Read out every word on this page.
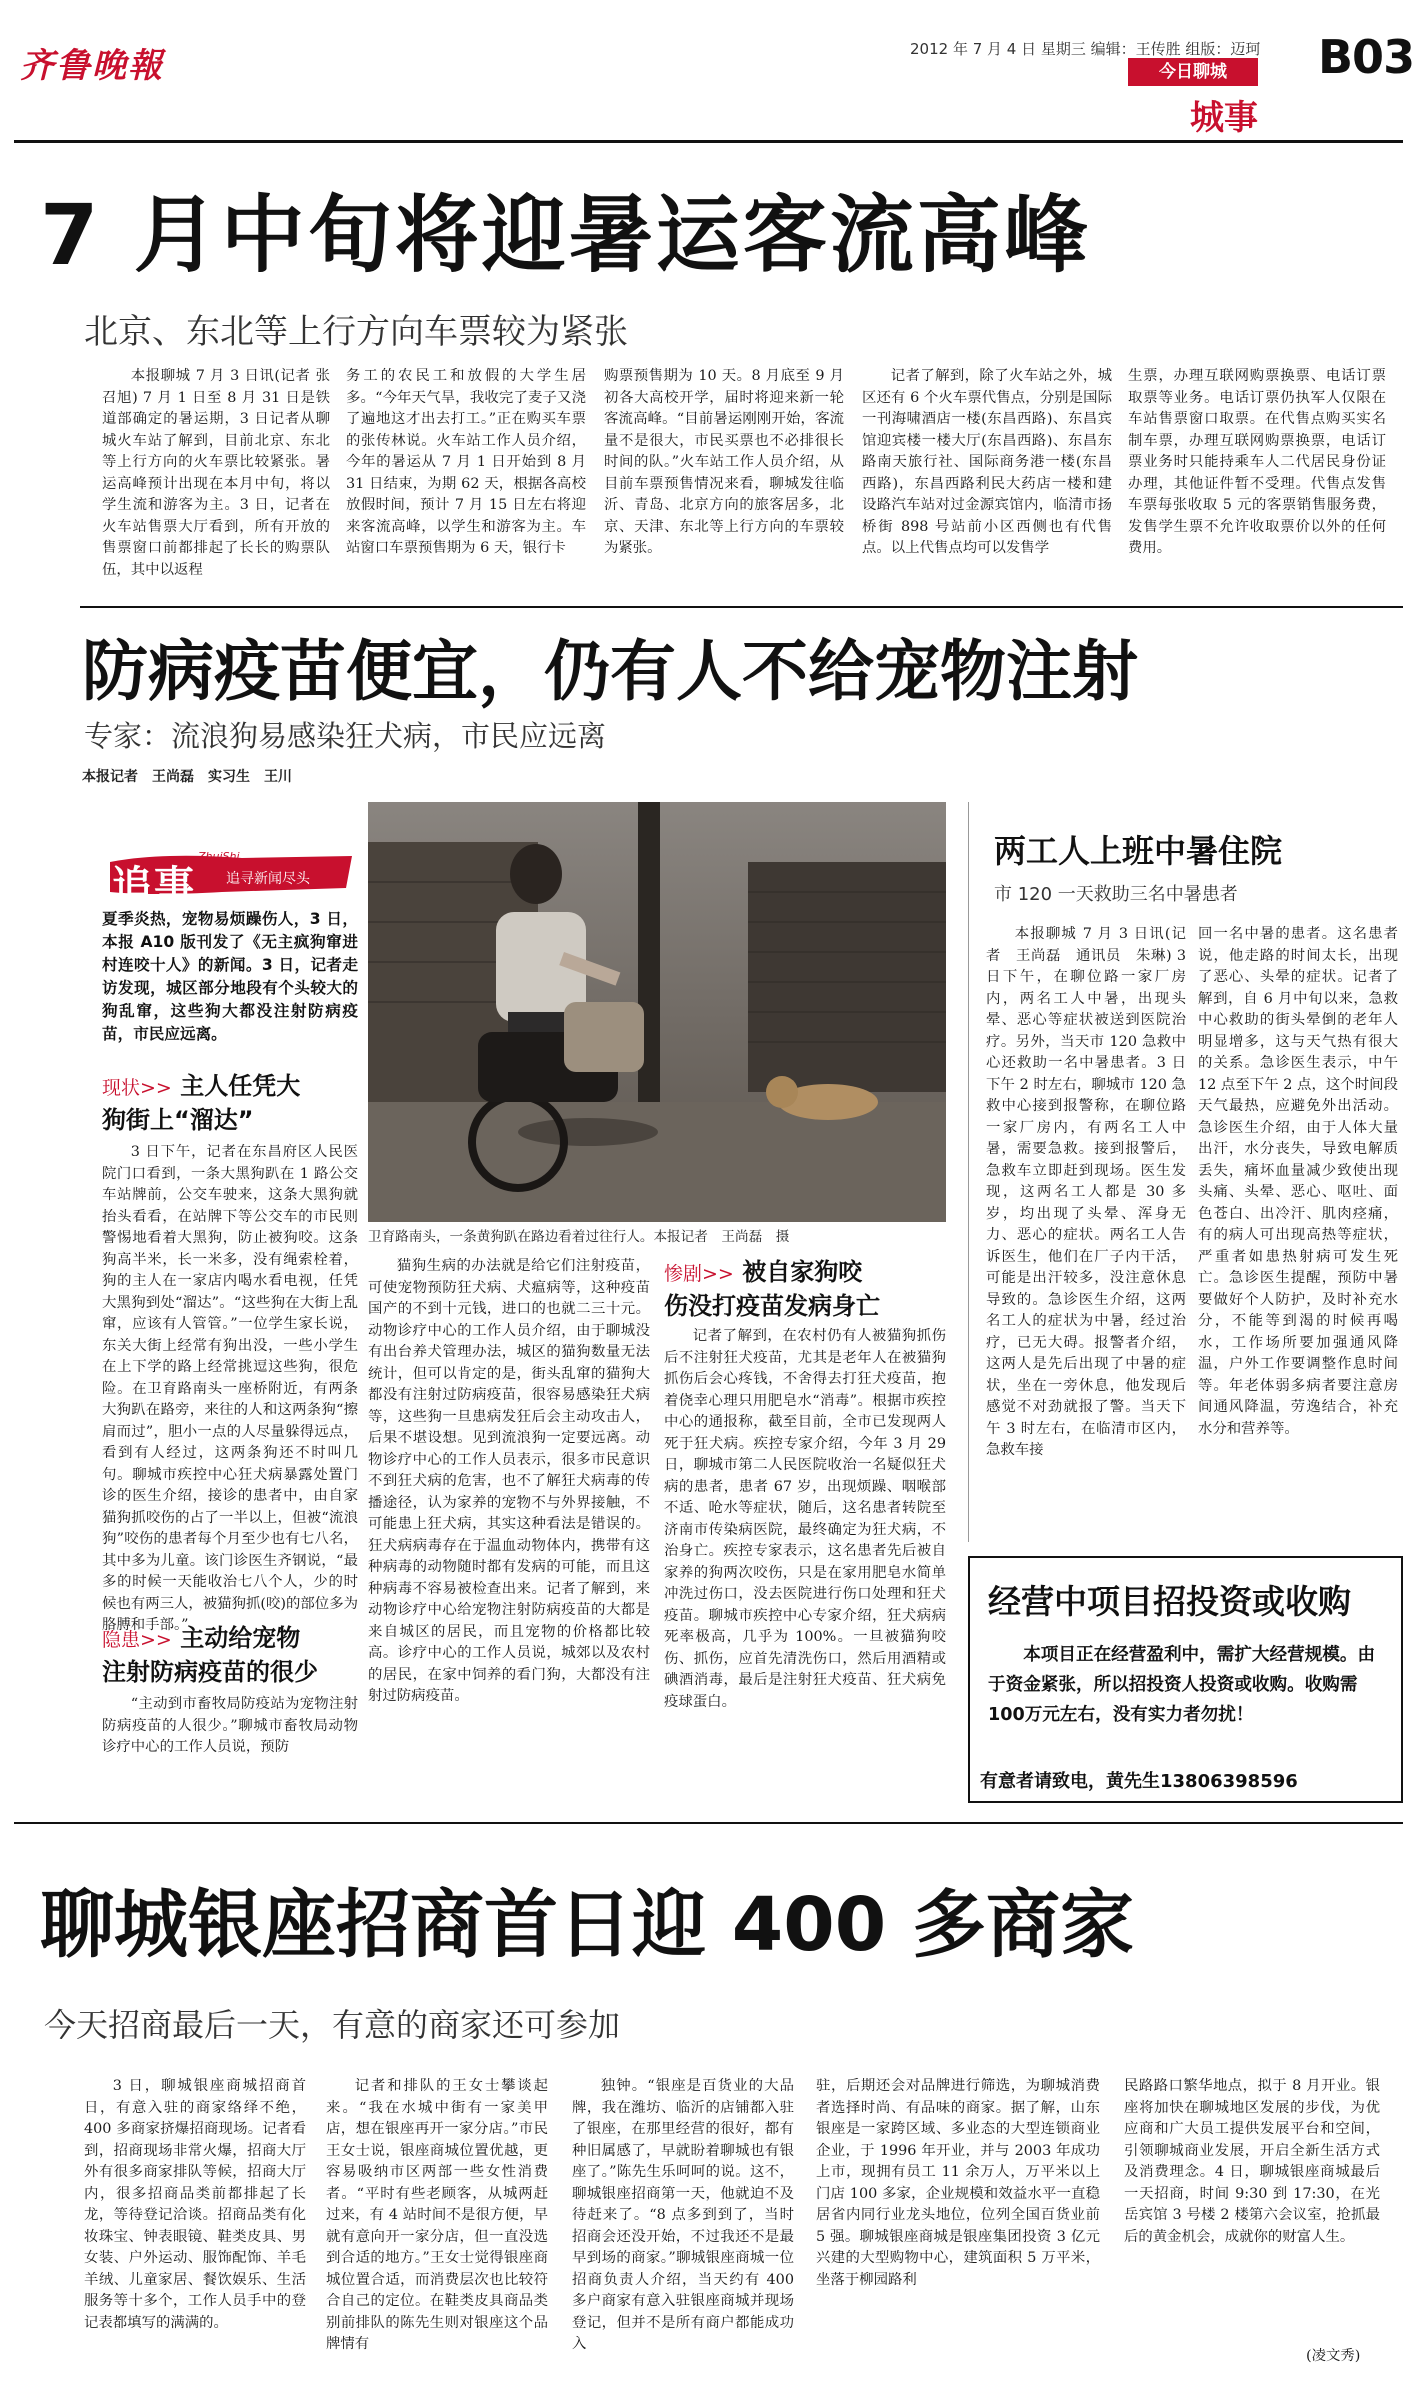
齐鲁晚報	2012 年 7 月 4 日 星期三 编辑：王传胜 组版：迈珂 B03
今日聊城
城事
7 月中旬将迎暑运客流高峰
北京、东北等上行方向车票较为紧张

本报聊城 7 月 3 日讯(记者 张召旭) 7 月 1 日至 8 月 31 日是铁道部确定的暑运期，3 日记者从聊城火车站了解到，目前北京、东北等上行方向的火车票比较紧张。暑运高峰预计出现在本月中旬，将以学生流和游客为主。3 日，记者在火车站售票大厅看到，所有开放的售票窗口前都排起了长长的购票队伍，其中以返程

务工的农民工和放假的大学生居多。“今年天气旱，我收完了麦子又浇了遍地这才出去打工。”正在购买车票的张传林说。火车站工作人员介绍，今年的暑运从 7 月 1 日开始到 8 月 31 日结束，为期 62 天，根据各高校放假时间，预计 7 月 15 日左右将迎来客流高峰，以学生和游客为主。车站窗口车票预售期为 6 天，银行卡

购票预售期为 10 天。8 月底至 9 月初各大高校开学，届时将迎来新一轮客流高峰。“目前暑运刚刚开始，客流量不是很大，市民买票也不必排很长时间的队。”火车站工作人员介绍，从目前车票预售情况来看，聊城发往临沂、青岛、北京方向的旅客居多，北京、天津、东北等上行方向的车票较为紧张。

记者了解到，除了火车站之外，城区还有 6 个火车票代售点，分别是国际一刊海啸酒店一楼(东昌西路)、东昌宾馆迎宾楼一楼大厅(东昌西路)、东昌东路南天旅行社、国际商务港一楼(东昌西路)，东昌西路利民大药店一楼和建设路汽车站对过金源宾馆内，临清市扬桥街 898 号站前小区西侧也有代售点。以上代售点均可以发售学

生票，办理互联网购票换票、电话订票取票等业务。电话订票仍执军人仅限在车站售票窗口取票。在代售点购买实名制车票，办理互联网购票换票，电话订票业务时只能持乘车人二代居民身份证办理，其他证件暂不受理。代售点发售车票每张收取 5 元的客票销售服务费，发售学生票不允许收取票价以外的任何费用。

防病疫苗便宜，仍有人不给宠物注射
专家：流浪狗易感染狂犬病，市民应远离
本报记者　王尚磊　实习生　王川
追事
ZhuiShi
追寻新闻尽头
夏季炎热，宠物易烦躁伤人，3 日，本报 A10 版刊发了《无主疯狗窜进村连咬十人》的新闻。3 日，记者走访发现，城区部分地段有个头较大的狗乱窜，这些狗大都没注射防病疫苗，市民应远离。
现状>> 主人任凭大
狗街上“溜达”

3 日下午，记者在东昌府区人民医院门口看到，一条大黑狗趴在 1 路公交车站牌前，公交车驶来，这条大黑狗就抬头看看，在站牌下等公交车的市民则警惕地看着大黑狗，防止被狗咬。这条狗高半米，长一米多，没有绳索栓着，狗的主人在一家店内喝水看电视，任凭大黑狗到处“溜达”。“这些狗在大街上乱窜，应该有人管管。”一位学生家长说，东关大街上经常有狗出没，一些小学生在上下学的路上经常挑逗这些狗，很危险。在卫育路南头一座桥附近，有两条大狗趴在路旁，来往的人和这两条狗“擦肩而过”，胆小一点的人尽量躲得远点，看到有人经过，这两条狗还不时叫几句。聊城市疾控中心狂犬病暴露处置门诊的医生介绍，接诊的患者中，由自家猫狗抓咬伤的占了一半以上，但被“流浪狗”咬伤的患者每个月至少也有七八名，其中多为儿童。该门诊医生齐钢说，“最多的时候一天能收治七八个人，少的时候也有两三人，被猫狗抓(咬)的部位多为胳膊和手部。”

隐患>> 主动给宠物
注射防病疫苗的很少

“主动到市畜牧局防疫站为宠物注射防病疫苗的人很少。”聊城市畜牧局动物诊疗中心的工作人员说，预防

卫育路南头，一条黄狗趴在路边看着过往行人。本报记者　王尚磊　摄

猫狗生病的办法就是给它们注射疫苗，可使宠物预防狂犬病、犬瘟病等，这种疫苗国产的不到十元钱，进口的也就二三十元。动物诊疗中心的工作人员介绍，由于聊城没有出台养犬管理办法，城区的猫狗数量无法统计，但可以肯定的是，街头乱窜的猫狗大都没有注射过防病疫苗，很容易感染狂犬病等，这些狗一旦患病发狂后会主动攻击人，后果不堪设想。见到流浪狗一定要远离。动物诊疗中心的工作人员表示，很多市民意识不到狂犬病的危害，也不了解狂犬病毒的传播途径，认为家养的宠物不与外界接触，不可能患上狂犬病，其实这种看法是错误的。狂犬病病毒存在于温血动物体内，携带有这种病毒的动物随时都有发病的可能，而且这种病毒不容易被检查出来。记者了解到，来动物诊疗中心给宠物注射防病疫苗的大都是来自城区的居民，而且宠物的价格都比较高。诊疗中心的工作人员说，城郊以及农村的居民，在家中饲养的看门狗，大都没有注射过防病疫苗。

惨剧>> 被自家狗咬
伤没打疫苗发病身亡

记者了解到，在农村仍有人被猫狗抓伤后不注射狂犬疫苗，尤其是老年人在被猫狗抓伤后会心疼钱，不舍得去打狂犬疫苗，抱着侥幸心理只用肥皂水“消毒”。根据市疾控中心的通报称，截至目前，全市已发现两人死于狂犬病。疾控专家介绍，今年 3 月 29 日，聊城市第二人民医院收治一名疑似狂犬病的患者，患者 67 岁，出现烦躁、咽喉部不适、呛水等症状，随后，这名患者转院至济南市传染病医院，最终确定为狂犬病，不治身亡。疾控专家表示，这名患者先后被自家养的狗两次咬伤，只是在家用肥皂水简单冲洗过伤口，没去医院进行伤口处理和狂犬疫苗。聊城市疾控中心专家介绍，狂犬病病死率极高，几乎为 100%。一旦被猫狗咬伤、抓伤，应首先清洗伤口，然后用酒精或碘酒消毒，最后是注射狂犬疫苗、狂犬病免疫球蛋白。

两工人上班中暑住院
市 120 一天救助三名中暑患者

本报聊城 7 月 3 日讯(记者　王尚磊　通讯员　朱琳) 3 日下午，在聊位路一家厂房内，两名工人中暑，出现头晕、恶心等症状被送到医院治疗。另外，当天市 120 急救中心还救助一名中暑患者。3 日下午 2 时左右，聊城市 120 急救中心接到报警称，在聊位路一家厂房内，有两名工人中暑，需要急救。接到报警后，急救车立即赶到现场。医生发现，这两名工人都是 30 多岁，均出现了头晕、浑身无力、恶心的症状。两名工人告诉医生，他们在厂子内干活，可能是出汗较多，没注意休息导致的。急诊医生介绍，这两名工人的症状为中暑，经过治疗，已无大碍。报警者介绍，这两人是先后出现了中暑的症状，坐在一旁休息，他发现后感觉不对劲就报了警。当天下午 3 时左右，在临清市区内，急救车接

回一名中暑的患者。这名患者说，他走路的时间太长，出现了恶心、头晕的症状。记者了解到，自 6 月中旬以来，急救中心救助的街头晕倒的老年人明显增多，这与天气热有很大的关系。急诊医生表示，中午 12 点至下午 2 点，这个时间段天气最热，应避免外出活动。急诊医生介绍，由于人体大量出汗，水分丧失，导致电解质丢失，痛坏血量减少致使出现头痛、头晕、恶心、呕吐、面色苍白、出冷汗、肌肉痉痛，有的病人可出现高热等症状，严重者如患热射病可发生死亡。急诊医生提醒，预防中暑要做好个人防护，及时补充水分，不能等到渴的时候再喝水，工作场所要加强通风降温，户外工作要调整作息时间等。年老体弱多病者要注意房间通风降温，劳逸结合，补充水分和营养等。

经营中项目招投资或收购
本项目正在经营盈利中，需扩大经营规模。由于资金紧张，所以招投资人投资或收购。收购需100万元左右，没有实力者勿扰！
有意者请致电，黄先生13806398596
聊城银座招商首日迎 400 多商家
今天招商最后一天，有意的商家还可参加

3 日，聊城银座商城招商首日，有意入驻的商家络绎不绝，400 多商家挤爆招商现场。记者看到，招商现场非常火爆，招商大厅外有很多商家排队等候，招商大厅内，很多招商品类前都排起了长龙，等待登记洽谈。招商品类有化妆珠宝、钟表眼镜、鞋类皮具、男女装、户外运动、服饰配饰、羊毛羊绒、儿童家居、餐饮娱乐、生活服务等十多个，工作人员手中的登记表都填写的满满的。

记者和排队的王女士攀谈起来。“我在水城中街有一家美甲店，想在银座再开一家分店。”市民王女士说，银座商城位置优越，更容易吸纳市区两部一些女性消费者。“平时有些老顾客，从城两赶过来，有 4 站时间不是很方便，早就有意向开一家分店，但一直没选到合适的地方。”王女士觉得银座商城位置合适，而消费层次也比较符合自己的定位。在鞋类皮具商品类别前排队的陈先生则对银座这个品牌情有

独钟。“银座是百货业的大品牌，我在潍坊、临沂的店铺都入驻了银座，在那里经营的很好，都有种旧属感了，早就盼着聊城也有银座了。”陈先生乐呵呵的说。这不，聊城银座招商第一天，他就迫不及待赶来了。“8 点多到到了，当时招商会还没开始，不过我还不是最早到场的商家。”聊城银座商城一位招商负责人介绍，当天约有 400 多户商家有意入驻银座商城并现场登记，但并不是所有商户都能成功入

驻，后期还会对品牌进行筛选，为聊城消费者选择时尚、有品味的商家。据了解，山东银座是一家跨区域、多业态的大型连锁商业企业，于 1996 年开业，并与 2003 年成功上市，现拥有员工 11 余万人，万平米以上门店 100 多家，企业规模和效益水平一直稳居省内同行业龙头地位，位列全国百货业前 5 强。聊城银座商城是银座集团投资 3 亿元兴建的大型购物中心，建筑面积 5 万平米，坐落于柳园路利

民路路口繁华地点，拟于 8 月开业。银座将加快在聊城地区发展的步伐，为优应商和广大员工提供发展平台和空间，引领聊城商业发展，开启全新生活方式及消费理念。4 日，聊城银座商城最后一天招商，时间 9:30 到 17:30，在光岳宾馆 3 号楼 2 楼第六会议室，抢抓最后的黄金机会，成就你的财富人生。

(凌文秀)
